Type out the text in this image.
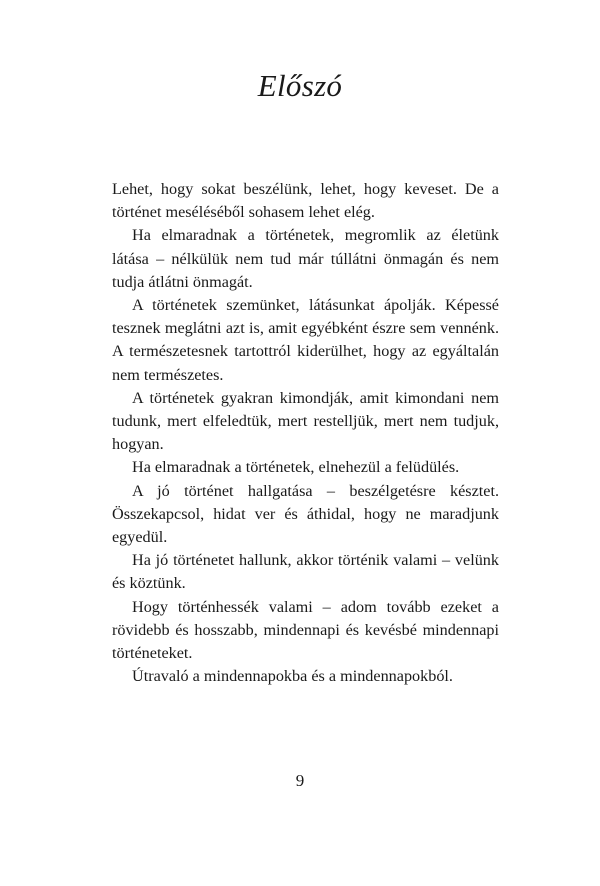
Előszó

Lehet, hogy sokat beszélünk, lehet, hogy keveset. De a történet meséléséből sohasem lehet elég.

Ha elmaradnak a történetek, megromlik az életünk látása – nélkülük nem tud már túllátni önmagán és nem tudja átlátni önmagát.

A történetek szemünket, látásunkat ápolják. Képessé tesznek meglátni azt is, amit egyébként észre sem vennénk. A természetesnek tartottról kiderülhet, hogy az egyáltalán nem természetes.

A történetek gyakran kimondják, amit kimondani nem tudunk, mert elfeledtük, mert restelljük, mert nem tudjuk, hogyan.

Ha elmaradnak a történetek, elnehezül a felüdülés.

A jó történet hallgatása – beszélgetésre késztet. Összekapcsol, hidat ver és áthidal, hogy ne maradjunk egyedül.

Ha jó történetet hallunk, akkor történik valami – velünk és köztünk.

Hogy történhessék valami – adom tovább ezeket a rövidebb és hosszabb, mindennapi és kevésbé mindennapi történeteket.

Útravaló a mindennapokba és a mindennapokból.

9
